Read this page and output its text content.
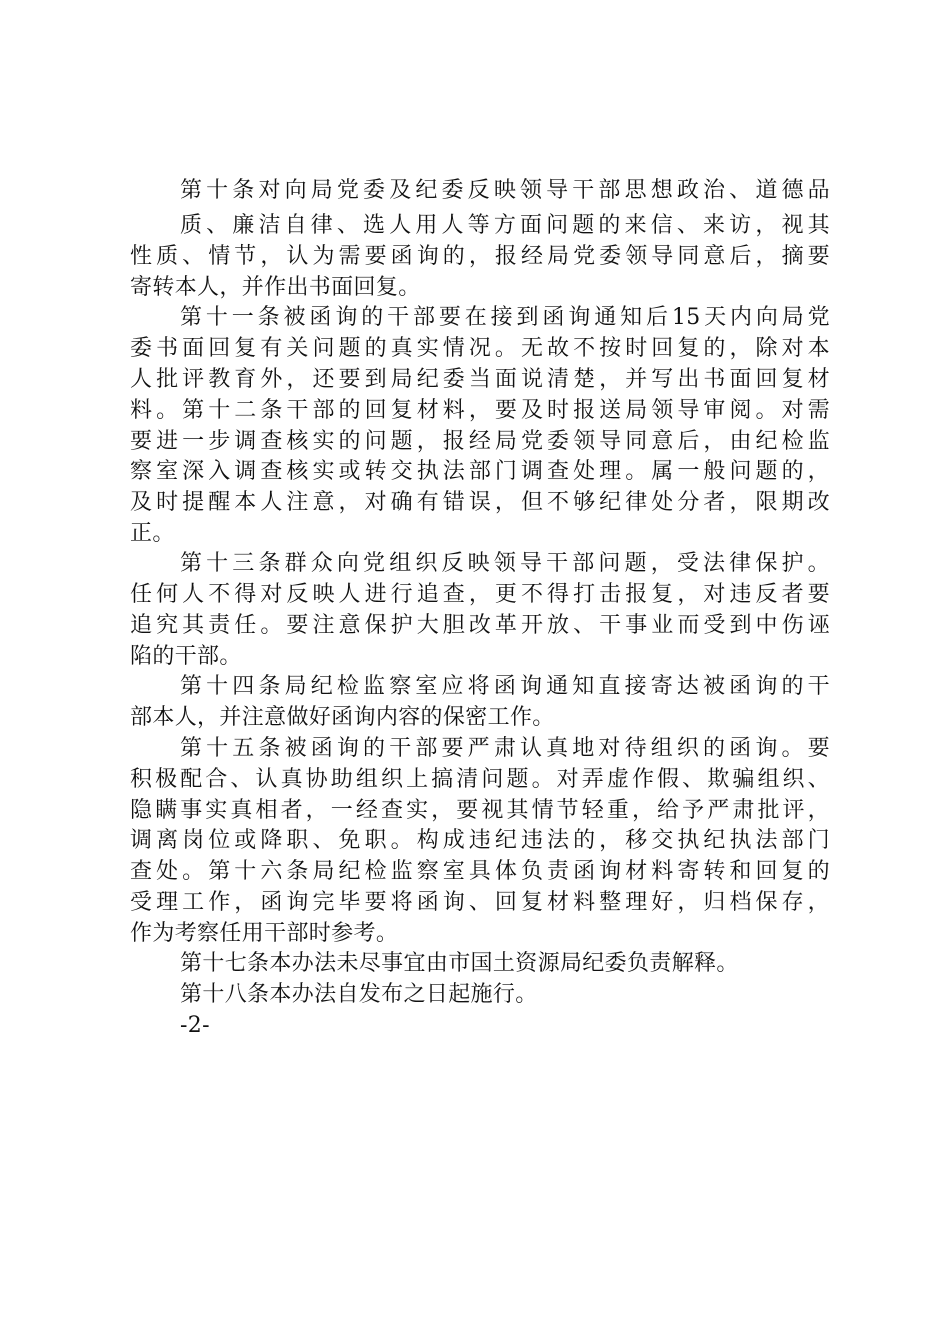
第十条对向局党委及纪委反映领导干部思想政治、道德品
质、廉洁自律、选人用人等方面问题的来信、来访，视其
性质、情节，认为需要函询的，报经局党委领导同意后，摘要
寄转本人，并作出书面回复。
第十一条被函询的干部要在接到函询通知后15天内向局党
委书面回复有关问题的真实情况。无故不按时回复的，除对本
人批评教育外，还要到局纪委当面说清楚，并写出书面回复材
料。第十二条干部的回复材料，要及时报送局领导审阅。对需
要进一步调查核实的问题，报经局党委领导同意后，由纪检监
察室深入调查核实或转交执法部门调查处理。属一般问题的，
及时提醒本人注意，对确有错误，但不够纪律处分者，限期改
正。
第十三条群众向党组织反映领导干部问题，受法律保护。
任何人不得对反映人进行追查，更不得打击报复，对违反者要
追究其责任。要注意保护大胆改革开放、干事业而受到中伤诬
陷的干部。
第十四条局纪检监察室应将函询通知直接寄达被函询的干
部本人，并注意做好函询内容的保密工作。
第十五条被函询的干部要严肃认真地对待组织的函询。要
积极配合、认真协助组织上搞清问题。对弄虚作假、欺骗组织、
隐瞒事实真相者，一经查实，要视其情节轻重，给予严肃批评，
调离岗位或降职、免职。构成违纪违法的，移交执纪执法部门
查处。第十六条局纪检监察室具体负责函询材料寄转和回复的
受理工作，函询完毕要将函询、回复材料整理好，归档保存，
作为考察任用干部时参考。
第十七条本办法未尽事宜由市国土资源局纪委负责解释。
第十八条本办法自发布之日起施行。
-2-
